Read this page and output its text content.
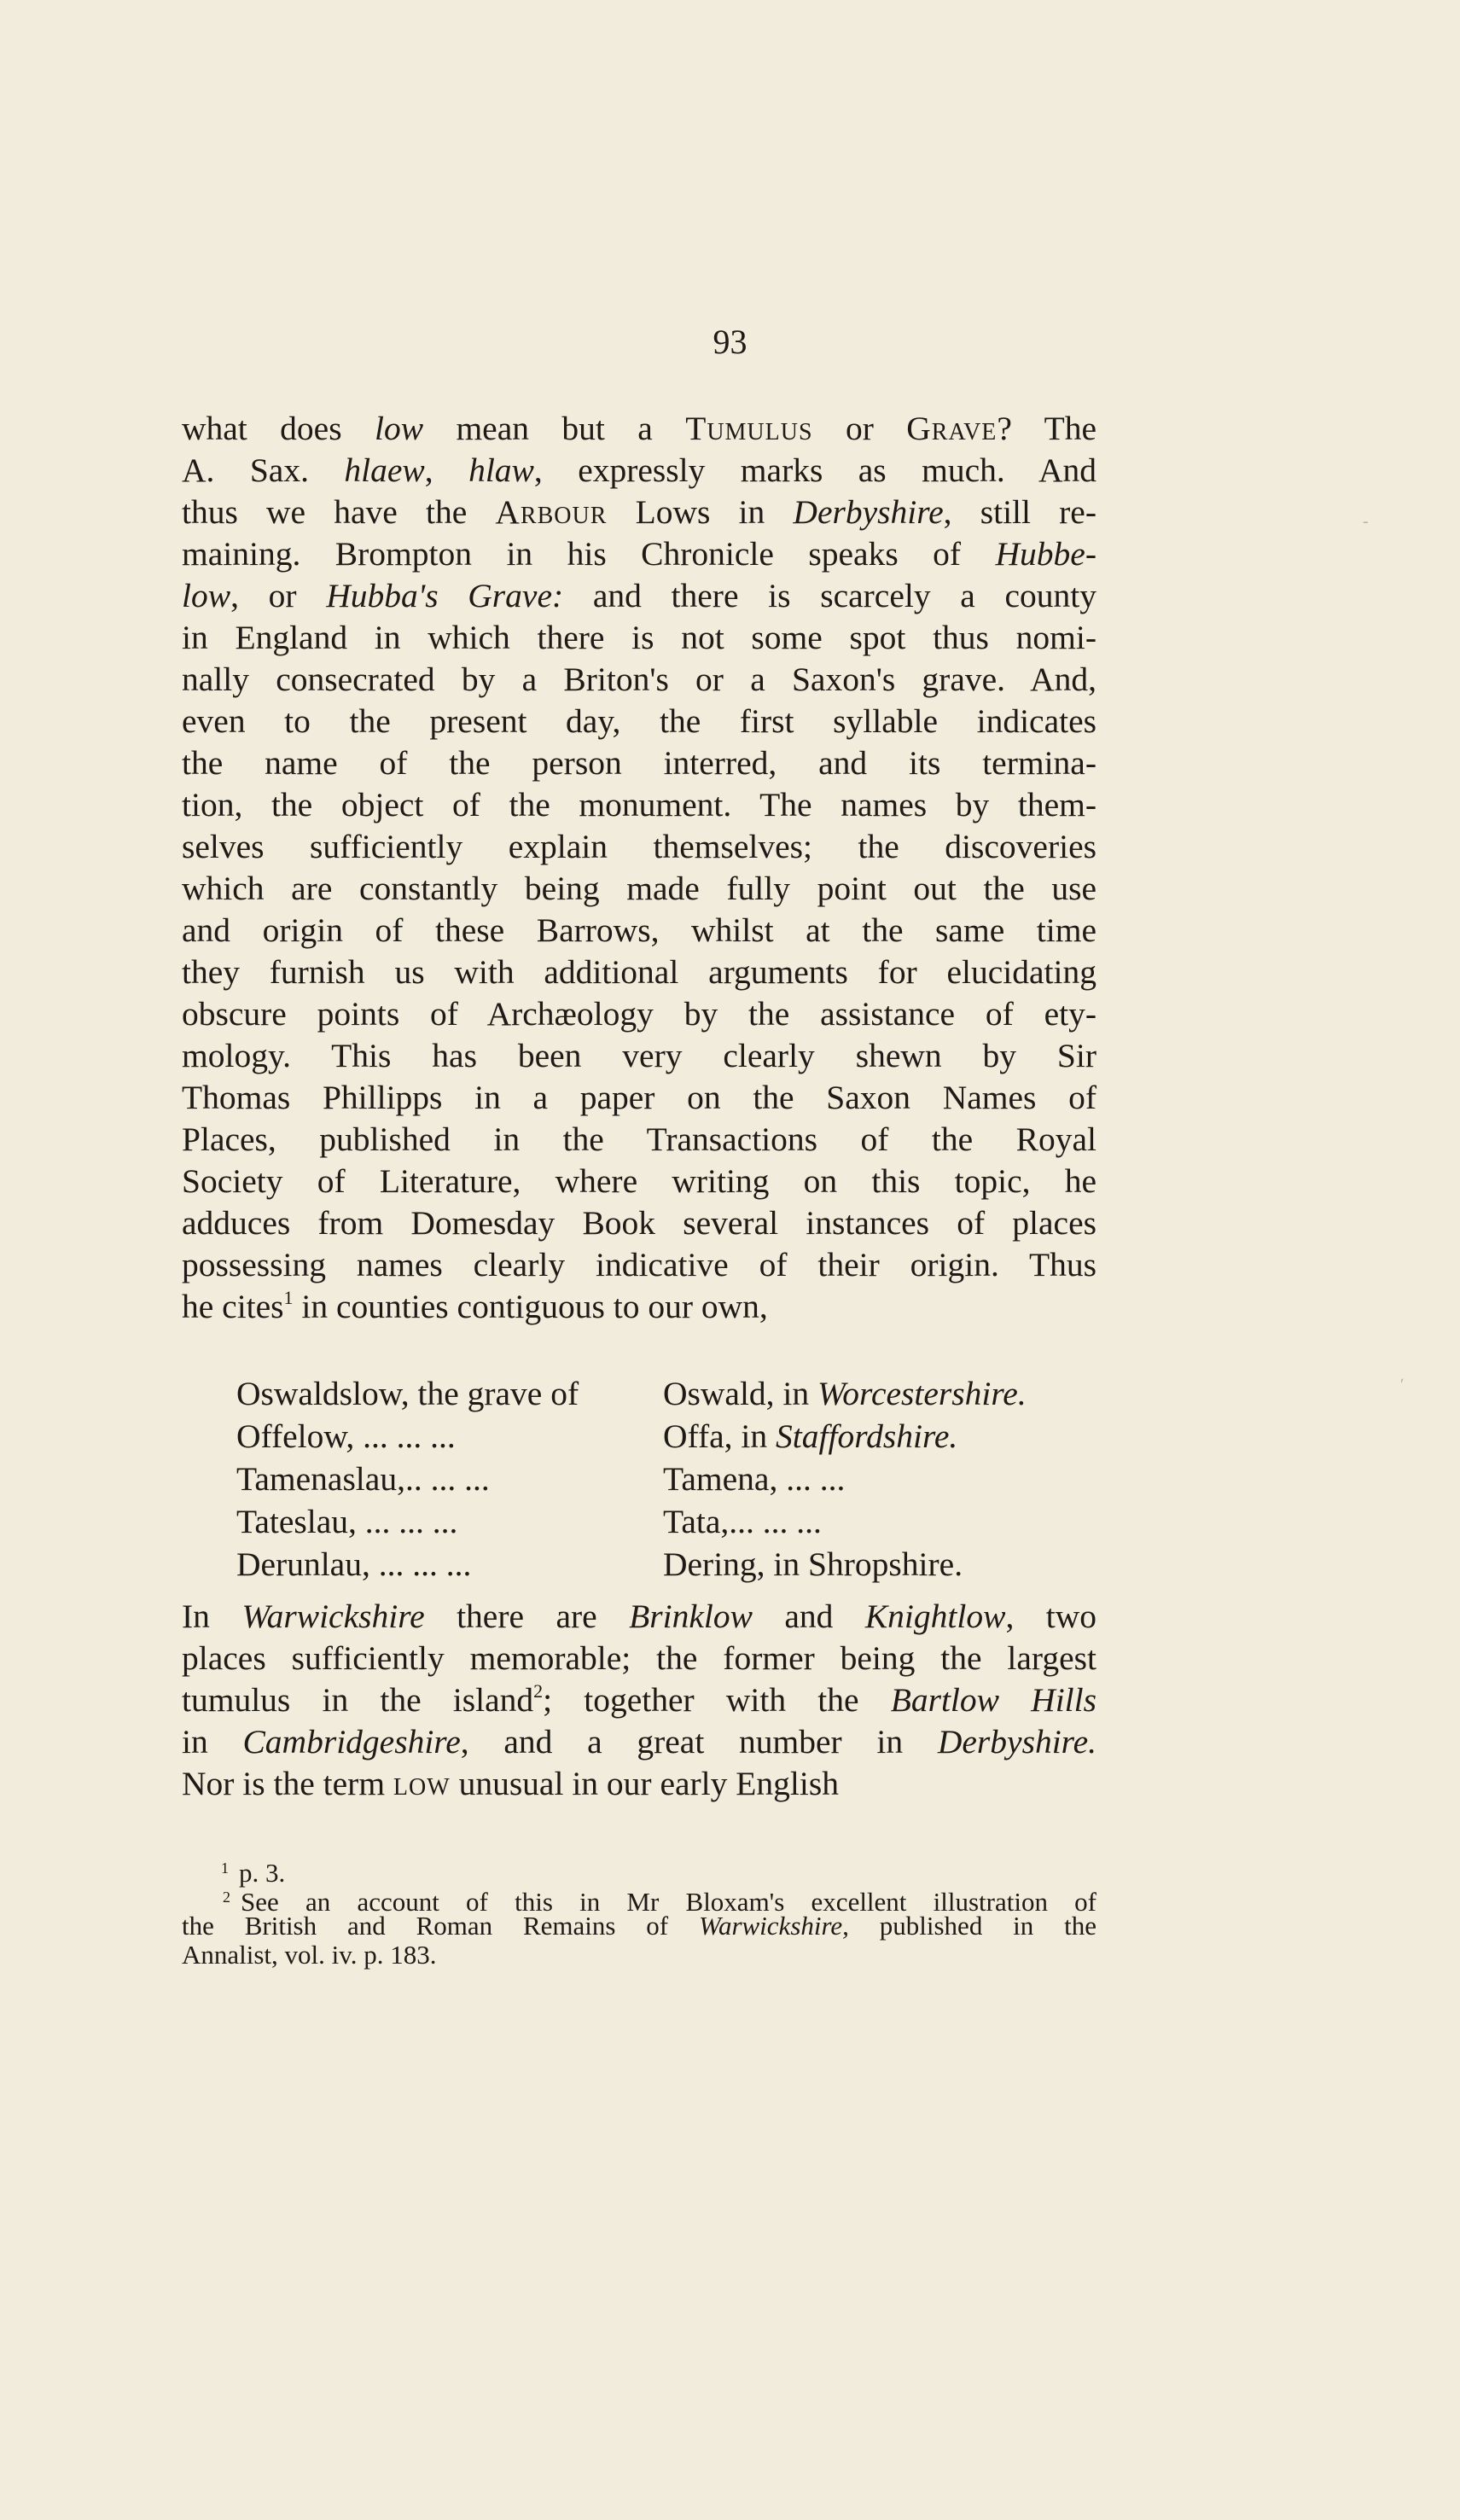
93
what does low mean but a Tumulus or Grave? The
A. Sax. hlaew, hlaw, expressly marks as much. And
thus we have the Arbour Lows in Derbyshire, still re-
maining. Brompton in his Chronicle speaks of Hubbe-
low, or Hubba's Grave: and there is scarcely a county
in England in which there is not some spot thus nomi-
nally consecrated by a Briton's or a Saxon's grave. And,
even to the present day, the first syllable indicates
the name of the person interred, and its termina-
tion, the object of the monument. The names by them-
selves sufficiently explain themselves; the discoveries
which are constantly being made fully point out the use
and origin of these Barrows, whilst at the same time
they furnish us with additional arguments for elucidating
obscure points of Archæology by the assistance of ety-
mology. This has been very clearly shewn by Sir
Thomas Phillipps in a paper on the Saxon Names of
Places, published in the Transactions of the Royal
Society of Literature, where writing on this topic, he
adduces from Domesday Book several instances of places
possessing names clearly indicative of their origin. Thus
he cites$^1$ in counties contiguous to our own,
Oswaldslow, the grave of	Oswald, in Worcestershire.
Offelow, ... ... ...	Offa, in Staffordshire.
Tamenaslau,.. ... ...	Tamena, ... ...
Tateslau, ... ... ...	Tata,... ... ...
Derunlau, ... ... ...	Dering, in Shropshire.
In Warwickshire there are Brinklow and Knightlow, two
places sufficiently memorable; the former being the largest
tumulus in the island$^2$; together with the Bartlow Hills
in Cambridgeshire, and a great number in Derbyshire.
Nor is the term low unusual in our early English
$^1$ p. 3.
$^2$ See an account of this in Mr Bloxam's excellent illustration of
the British and Roman Remains of Warwickshire, published in the
Annalist, vol. iv. p. 183.
‐
ʹ
